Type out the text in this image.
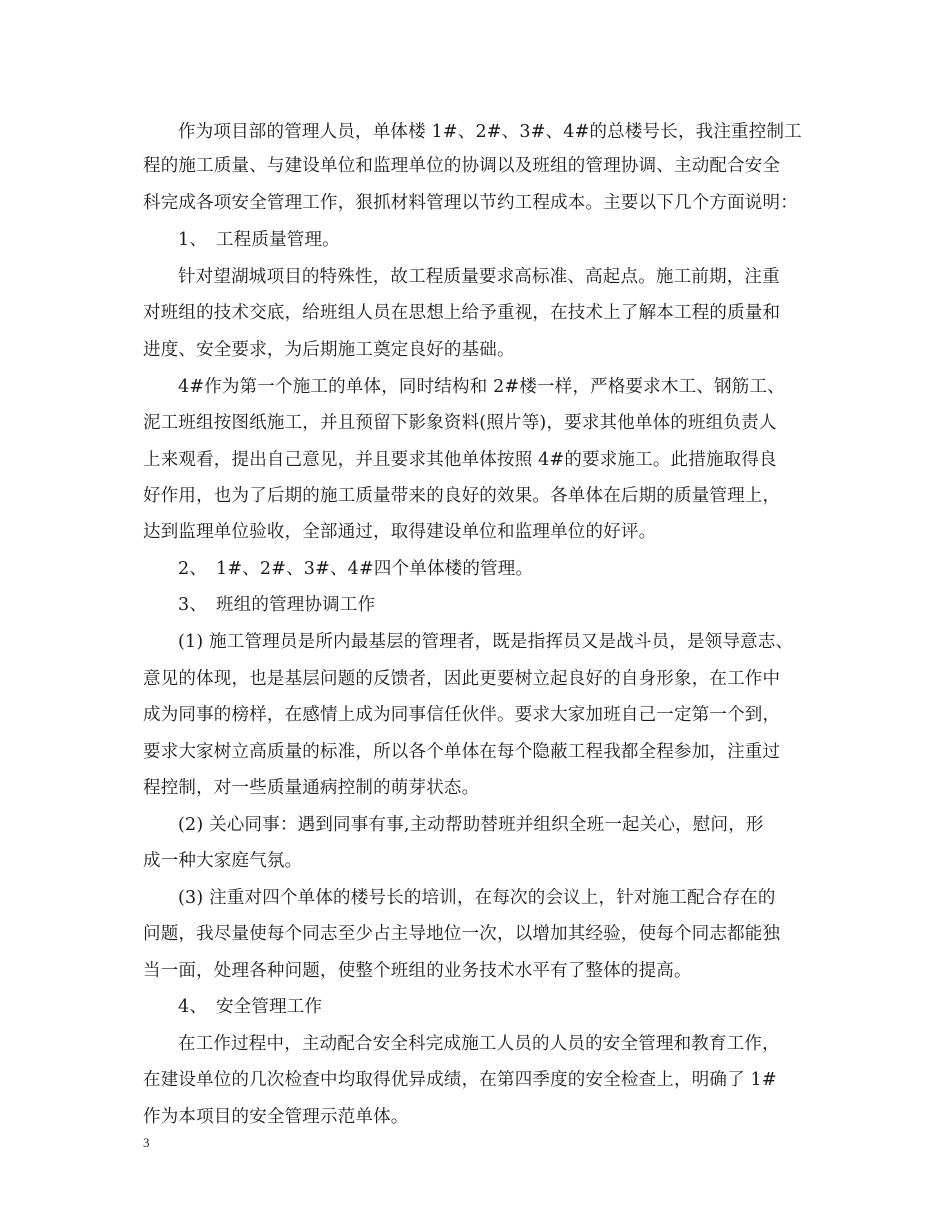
作为项目部的管理人员，单体楼 1#、2#、3#、4#的总楼号长，我注重控制工
程的施工质量、与建设单位和监理单位的协调以及班组的管理协调、主动配合安全
科完成各项安全管理工作，狠抓材料管理以节约工程成本。主要以下几个方面说明：
1、　工程质量管理。
针对望湖城项目的特殊性，故工程质量要求高标准、高起点。施工前期，注重
对班组的技术交底，给班组人员在思想上给予重视，在技术上了解本工程的质量和
进度、安全要求，为后期施工奠定良好的基础。
4#作为第一个施工的单体，同时结构和 2#楼一样，严格要求木工、钢筋工、
泥工班组按图纸施工，并且预留下影象资料(照片等)，要求其他单体的班组负责人
上来观看，提出自己意见，并且要求其他单体按照 4#的要求施工。此措施取得良
好作用，也为了后期的施工质量带来的良好的效果。各单体在后期的质量管理上，
达到监理单位验收，全部通过，取得建设单位和监理单位的好评。
2、　1#、2#、3#、4#四个单体楼的管理。
3、　班组的管理协调工作
(1) 施工管理员是所内最基层的管理者，既是指挥员又是战斗员，是领导意志、
意见的体现，也是基层问题的反馈者，因此更要树立起良好的自身形象，在工作中
成为同事的榜样，在感情上成为同事信任伙伴。要求大家加班自己一定第一个到，
要求大家树立高质量的标准，所以各个单体在每个隐蔽工程我都全程参加，注重过
程控制，对一些质量通病控制的萌芽状态。
(2) 关心同事：遇到同事有事,主动帮助替班并组织全班一起关心，慰问，形
成一种大家庭气氛。
(3) 注重对四个单体的楼号长的培训，在每次的会议上，针对施工配合存在的
问题，我尽量使每个同志至少占主导地位一次，以增加其经验，使每个同志都能独
当一面，处理各种问题，使整个班组的业务技术水平有了整体的提高。
4、　安全管理工作
在工作过程中，主动配合安全科完成施工人员的人员的安全管理和教育工作，
在建设单位的几次检查中均取得优异成绩，在第四季度的安全检查上，明确了 1#
作为本项目的安全管理示范单体。
3
